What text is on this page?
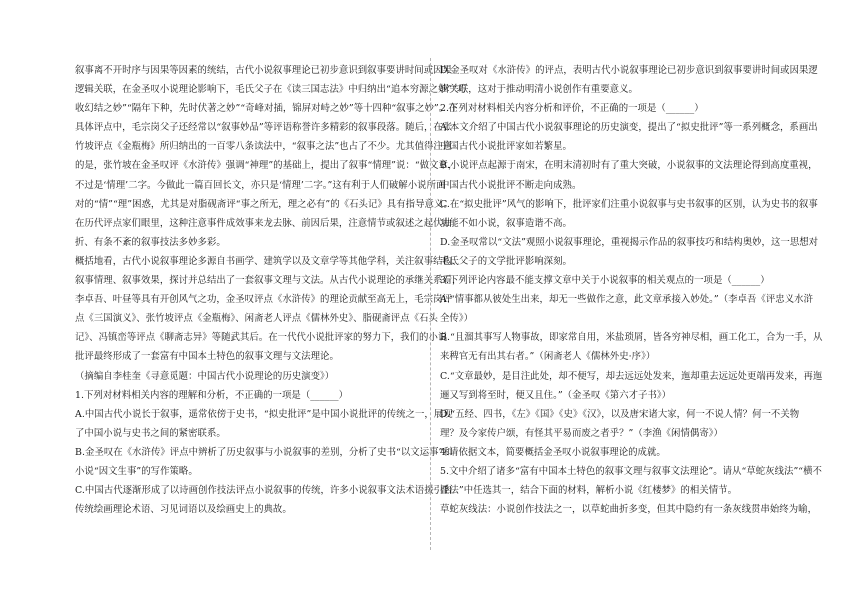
叙事离不开时序与因果等因素的统结，古代小说叙事理论已初步意识到叙事要讲时间或因果

逻辑关联，在金圣叹小说理论影响下，毛氏父子在《读三国志法》中归纳出“追本穷源之妙”“巧

收幻结之妙”“隔年下种，先时伏著之妙”“奇峰对插，锦屏对峙之妙”等十四种“叙事之妙”。在

具体评点中，毛宗岗父子还经常以“叙事妙品”等评语称誉许多精彩的叙事段落。随后，在张

竹坡评点《金瓶梅》所归纳出的一百零八条读法中，“叙事之法”也占了不少。尤其值得注意

的是，张竹坡在金圣叹评《水浒传》强调“神理”的基础上，提出了叙事“情理”说：“做文章，

不过是‘情理’二字。今做此一篇百回长文，亦只是‘情理’二字。”这有利于人们破解小说所面

对的“情”“理”困惑，尤其是对脂砚斋评“事之所无，理之必有”的《石头记》具有指导意义。

在历代评点家们眼里，这种注意事件成效事来龙去脉、前因后果，注意情节或叙述之起伏曲

折、有条不紊的叙事技法多妙多彩。

概括地看，古代小说叙事理论多源自书画学、建筑学以及文章学等其他学科，关注叙事结构、

叙事情理、叙事效果，探讨并总结出了一套叙事文理与文法。从古代小说理论的承继关系看，

李卓吾、叶昼等具有开创风气之功，金圣叹评点《水浒传》的理论贡献至高无上，毛宗岗评

点《三国演义》、张竹坡评点《金瓶梅》、闲斋老人评点《儒林外史》、脂砚斋评点《石头

记》、冯镇峦等评点《聊斋志异》等随武其后。在一代代小说批评家的努力下，我们的小说

批评最终形成了一套富有中国本土特色的叙事文理与文法理论。

（摘编自李桂奎《寻意觅题：中国古代小说理论的历史演变》）

1.下列对材料相关内容的理解和分析，不正确的一项是（______）

A.中国古代小说长于叙事，遥常依傍于史书，“拟史批评”是中国小说批评的传统之一，展现

了中国小说与史书之间的紧密联系。

B.金圣叹在《水浒传》评点中辨析了历史叙事与小说叙事的差别，分析了史书“以文运事”和

小说“因文生事”的写作策略。

C.中国古代逐渐形成了以诗画创作技法评点小说叙事的传统，许多小说叙事文法术语援引自

传统绘画理论术语、习见词语以及绘画史上的典故。

D.金圣叹对《水浒传》的评点，表明古代小说叙事理论已初步意识到叙事要讲时间或因果逻

辑关联，这对于推动明清小说创作有重要意义。

2.下列对材料相关内容分析和评价，不正确的一项是（______）

A.本文介绍了中国古代小说叙事理论的历史演变，提出了“拟史批评”等一系列概念，系画出

中国古代小说批评家如若繁星。

B.小说评点起源于南宋，在明末清初时有了重大突破，小说叙事的文法理论得到高度重视，

中国古代小说批评不断走向成熟。

C.在“拟史批评”风气的影响下，批评家们注重小说叙事与史书叙事的区别，认为史书的叙事

功能不如小说，叙事造谐不高。

D.金圣叹常以“文法”观照小说叙事理论，重视揭示作品的叙事技巧和结构奥妙，这一思想对

毛氏父子的文学批评影响深刻。

3.下列评论内容最不能支撑文章中关于小说叙事的相关观点的一项是（______）

A.“情事都从彼处生出来，却无一些做作之意，此文章承接入妙处。”（李卓吾《评忠义水浒

全传》）

B.“且溜其事写人物事故，即家常自用，米盐琐屑，皆各穷神尽相，画工化工，合为一手，从

来稗官无有出其右者。”（闲斋老人《儒林外史·序》）

C.“文章最妙，是目注此处，却不便写，却去远远处发来，迤却重去远远处更端再发来，再迤

逦又写到将至时，便又且住。”（金圣叹《第六才子书》）

D.“五经、四书，《左》《国》《史》《汉》，以及唐宋诸大家，何一不说人情？何一不关物

理？及今家传户颂，有怪其平易而废之者乎？”（李渔《闲情偶寄》）

4.请依据文本，简要概括金圣叹小说叙事理论的成就。

5.文中介绍了诸多“富有中国本土特色的叙事文理与叙事文法理论”。请从“草蛇灰线法”“横不

叠法”中任选其一，结合下面的材料，解析小说《红楼梦》的相关情节。

草蛇灰线法：小说创作技法之一，以草蛇曲折多变，但其中隐约有一条灰线贯串始终为喻，
